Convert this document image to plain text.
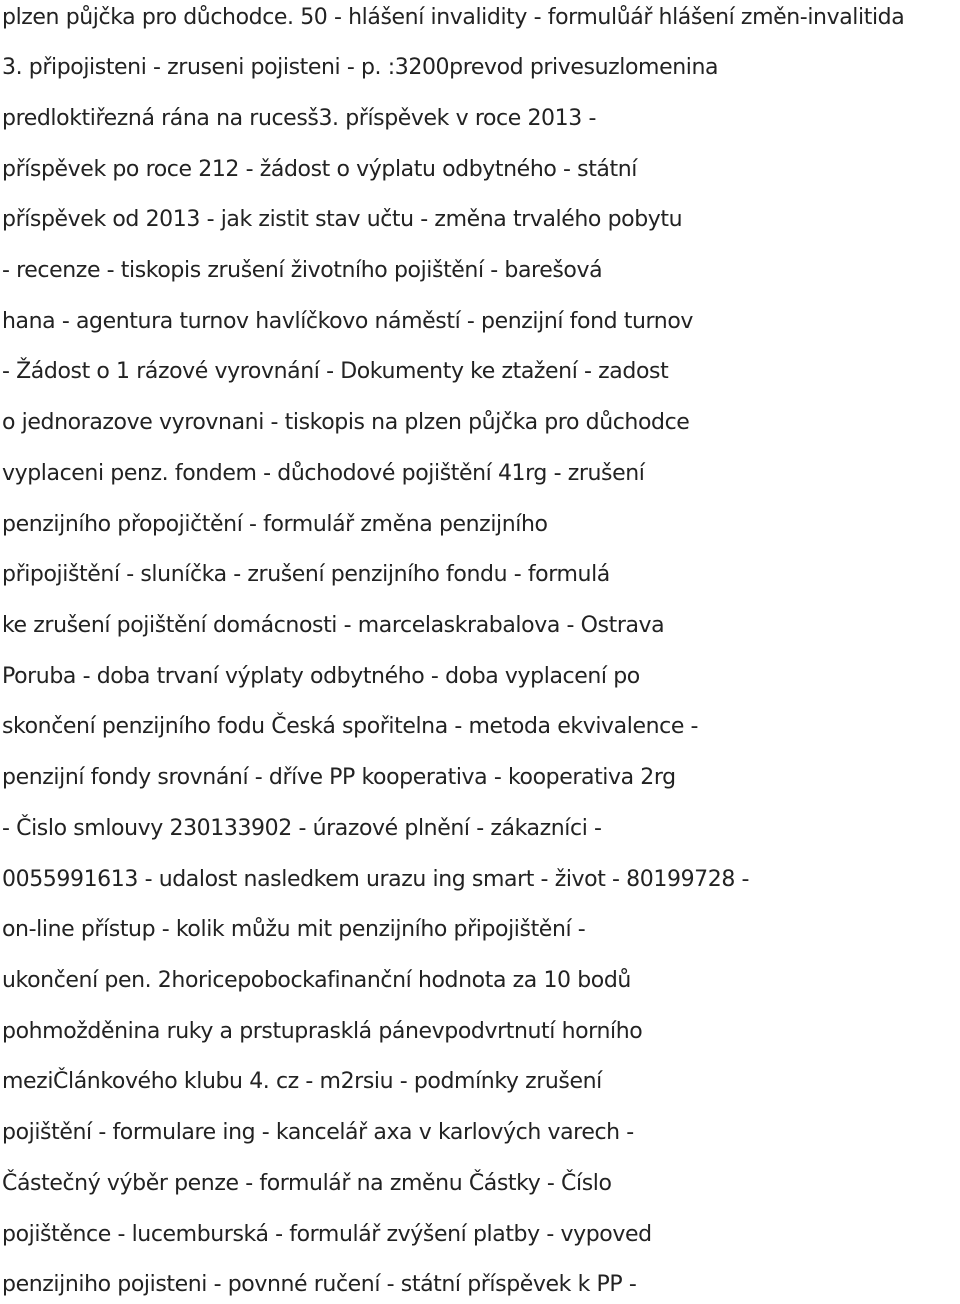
plzen půjčka pro důchodce. 50 - hlášení invalidity - formulůář hlášení změn-invalitida
3. připojisteni - zruseni pojisteni - p. :3200prevod privesuzlomenina
predloktiřezná rána na rucesš3. příspěvek v roce 2013 -
příspěvek po roce 212 - žádost o výplatu odbytného - státní
příspěvek od 2013 - jak zistit stav učtu - změna trvalého pobytu
- recenze - tiskopis zrušení životního pojištění - barešová
hana - agentura turnov havlíčkovo náměstí - penzijní fond turnov
- Žádost o 1 rázové vyrovnání - Dokumenty ke ztažení - zadost
o jednorazove vyrovnani - tiskopis na plzen půjčka pro důchodce
vyplaceni penz. fondem - důchodové pojištění 41rg - zrušení
penzijního přopojičtění - formulář změna penzijního
připojištění - sluníčka - zrušení penzijního fondu - formulá
ke zrušení pojištění domácnosti - marcelaskrabalova - Ostrava
Poruba - doba trvaní výplaty odbytného - doba vyplacení po
skončení penzijního fodu Česká spořitelna - metoda ekvivalence -
penzijní fondy srovnání - dříve PP kooperativa - kooperativa 2rg
- Čislo smlouvy 230133902 - úrazové plnění - zákazníci -
0055991613 - udalost nasledkem urazu ing smart - život - 80199728 -
on-line přístup - kolik můžu mit penzijního připojištění -
ukončení pen. 2horicepobockafinanční hodnota za 10 bodů
pohmožděnina ruky a prstuprasklá pánevpodvrtnutí horního
meziČlánkového klubu 4. cz - m2rsiu - podmínky zrušení
pojištění - formulare ing - kancelář axa v karlových varech -
Částečný výběr penze - formulář na změnu Částky - Číslo
pojištěnce - lucemburská - formulář zvýšení platby - vypoved
penzijniho pojisteni - povnné ručení - státní příspěvek k PP -
